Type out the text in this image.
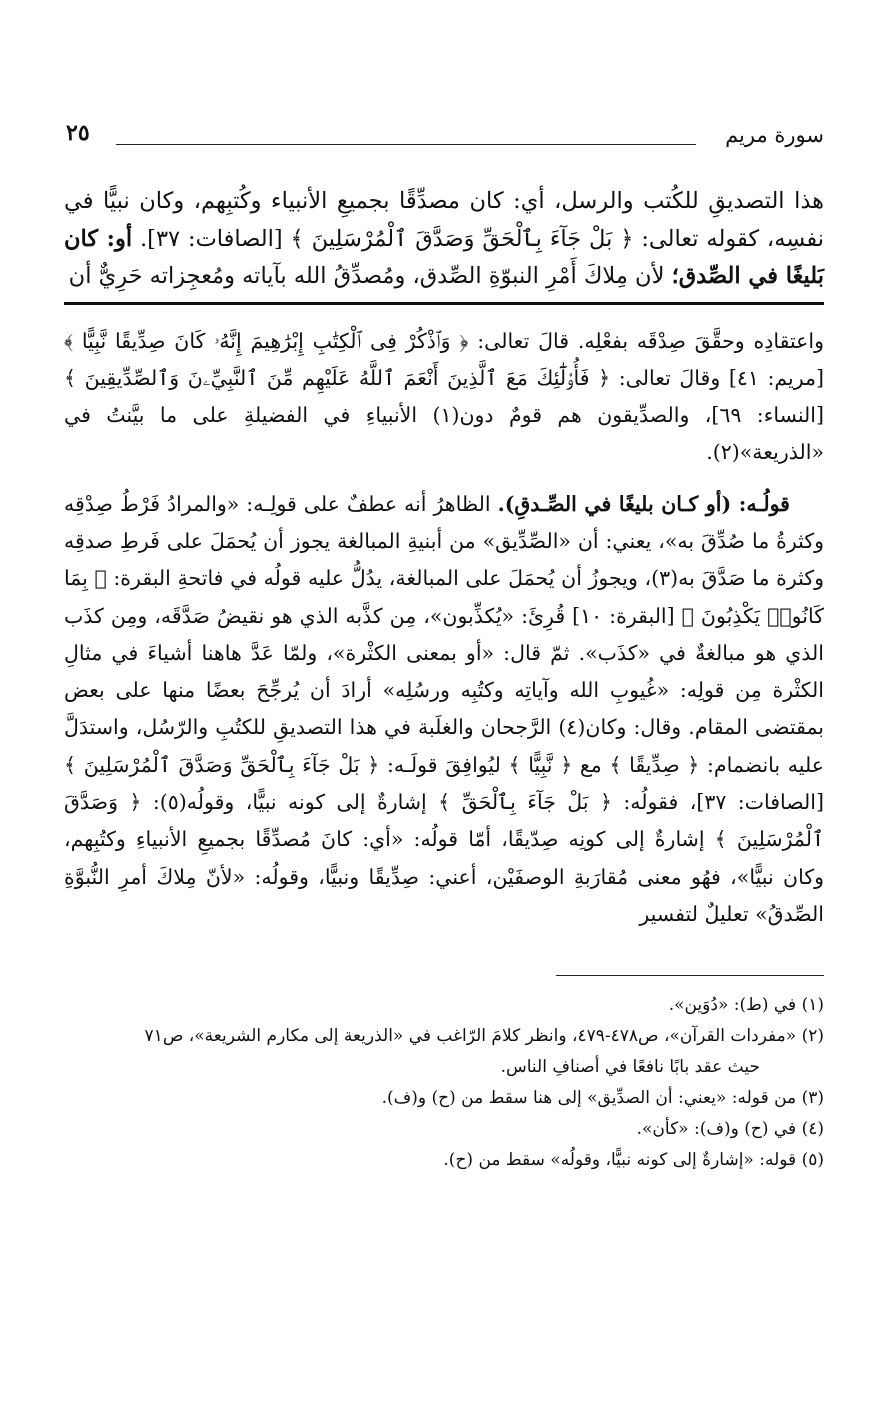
سورة مريم
٢٥

هذا التصديقِ للكُتب والرسل، أي: كان مصدِّقًا بجميعِ الأنبياء وكُتبِهم، وكان نبيًّا في نفسِه، كقوله تعالى: ﴿ بَلْ جَآءَ بِٱلْحَقِّ وَصَدَّقَ ٱلْمُرْسَلِينَ ﴾ [الصافات: ٣٧]. أو: كان بَليغًا في الصِّدق؛ لأن مِلاكَ أَمْرِ النبوّةِ الصِّدق، ومُصدِّقُ الله بآياته ومُعجِزاته حَرِيٌّ أن

واعتقادِه وحقَّقَ صِدْقَه بفعْلِه. قالَ تعالى: ﴿ وَٱذْكُرْ فِى ٱلْكِتَٰبِ إِبْرَٰهِيمَ إِنَّهُۥ كَانَ صِدِّيقًا نَّبِيًّا ﴾ [مريم: ٤١] وقالَ تعالى: ﴿ فَأُو۟لَٰٓئِكَ مَعَ ٱلَّذِينَ أَنْعَمَ ٱللَّهُ عَلَيْهِم مِّنَ ٱلنَّبِيِّۦنَ وَٱلصِّدِّيقِينَ ﴾ [النساء: ٦٩]، والصدِّيقون هم قومٌ دون(١) الأنبياءِ في الفضيلةِ على ما بيَّنتُ في «الذريعة»(٢).

قولُـه: (أو كـان بليغًا في الصِّـدقِ). الظاهرُ أنه عطفٌ على قولِـه: «والمرادُ فَرْطُ صِدْقِه وكثرةُ ما صُدِّقَ به»، يعني: أن «الصِّدِّيق» من أبنيةِ المبالغة يجوز أن يُحمَلَ على فَرطِ صدقِه وكثرة ما صَدَّقَ به(٣)، ويجوزُ أن يُحمَلَ على المبالغة، يدُلُّ عليه قولُه في فاتحةِ البقرة: ﴿ بِمَا كَانُوا۟ يَكْذِبُونَ ﴾ [البقرة: ١٠] قُرِئَ: «يُكذِّبون»، مِن كذَّبه الذي هو نقيضُ صَدَّقَه، ومِن كذَب الذي هو مبالغةٌ في «كذَب». ثمّ قال: «أو بمعنى الكثْرة»، ولمّا عَدَّ هاهنا أشياءَ في مثالِ الكثْرة مِن قولِه: «غُيوبِ الله وآياتِه وكتُبِه ورسُلِه» أرادَ أن يُرجِّحَ بعضًا منها على بعض بمقتضى المقام. وقال: وكان(٤) الرَّجحان والغلَبة في هذا التصديقِ للكتُبِ والرّسُل، واستدَلَّ عليه بانضمام: ﴿ صِدِّيقًا ﴾ مع ﴿ نَّبِيًّا ﴾ ليُوافِقَ قولَـه: ﴿ بَلْ جَآءَ بِٱلْحَقِّ وَصَدَّقَ ٱلْمُرْسَلِينَ ﴾ [الصافات: ٣٧]، فقولُه: ﴿ بَلْ جَآءَ بِٱلْحَقِّ ﴾ إشارةٌ إلى كونه نبيًّا، وقولُه(٥): ﴿ وَصَدَّقَ ٱلْمُرْسَلِينَ ﴾ إشارةٌ إلى كونِه صِدّيقًا، أمّا قولُه: «أي: كانَ مُصدِّقًا بجميعِ الأنبياءِ وكتُبِهم، وكان نبيًّا»، فهُو معنى مُقارَبةِ الوصفَيْن، أعني: صِدِّيقًا ونبيًّا، وقولُه: «لأنّ مِلاكَ أمرِ النُّبوَّةِ الصِّدقُ» تعليلٌ لتفسير

(١) في (ط): «دُوَين».

(٢) «مفردات القرآن»، ص٤٧٨-٤٧٩، وانظر كلامَ الرّاغب في «الذريعة إلى مكارم الشريعة»، ص٧١

حيث عقد بابًا نافعًا في أصنافِ الناس.

(٣) من قوله: «يعني: أن الصدِّيق» إلى هنا سقط من (ح) و(ف).

(٤) في (ح) و(ف): «كأن».

(٥) قوله: «إشارةٌ إلى كونه نبيًّا، وقولُه» سقط من (ح).
